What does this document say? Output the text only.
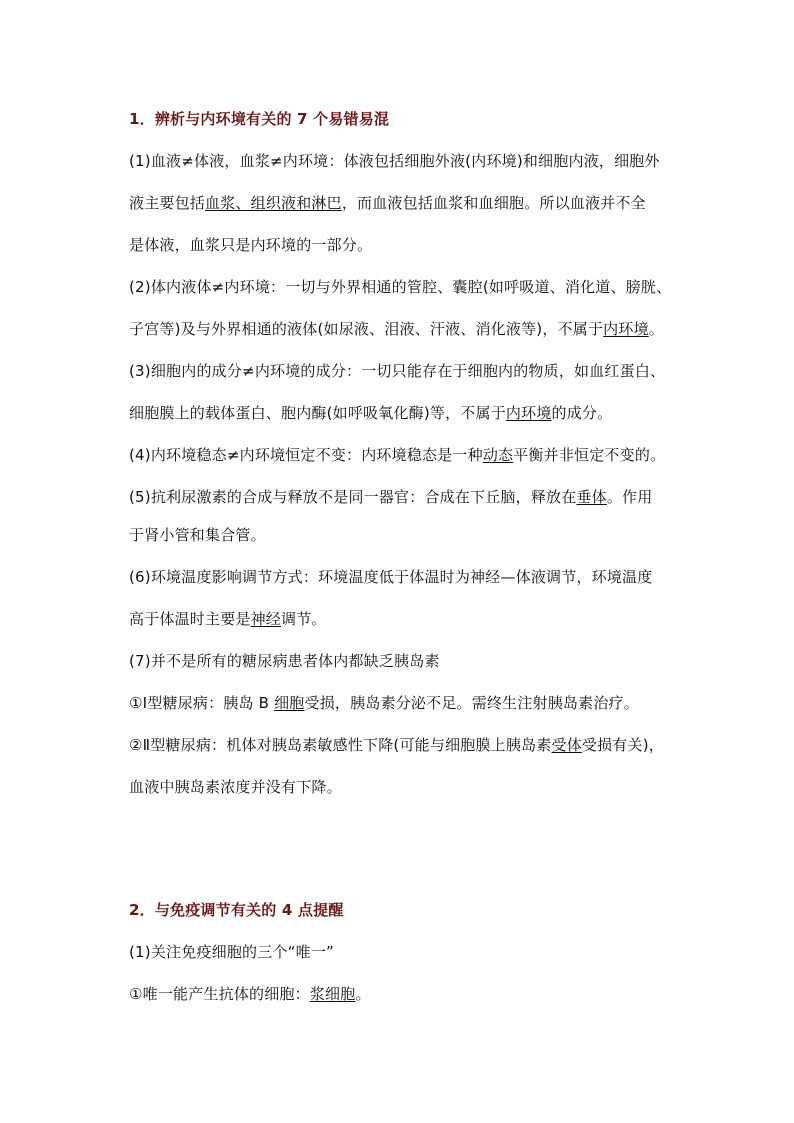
1．辨析与内环境有关的 7 个易错易混
(1)血液≠体液，血浆≠内环境：体液包括细胞外液(内环境)和细胞内液，细胞外
液主要包括血浆、组织液和淋巴，而血液包括血浆和血细胞。所以血液并不全
是体液，血浆只是内环境的一部分。
(2)体内液体≠内环境：一切与外界相通的管腔、囊腔(如呼吸道、消化道、膀胱、
子宫等)及与外界相通的液体(如尿液、泪液、汗液、消化液等)，不属于内环境。
(3)细胞内的成分≠内环境的成分：一切只能存在于细胞内的物质，如血红蛋白、
细胞膜上的载体蛋白、胞内酶(如呼吸氧化酶)等，不属于内环境的成分。
(4)内环境稳态≠内环境恒定不变：内环境稳态是一种动态平衡并非恒定不变的。
(5)抗利尿激素的合成与释放不是同一器官：合成在下丘脑，释放在垂体。作用
于肾小管和集合管。
(6)环境温度影响调节方式：环境温度低于体温时为神经—体液调节，环境温度
高于体温时主要是神经调节。
(7)并不是所有的糖尿病患者体内都缺乏胰岛素
①Ⅰ型糖尿病：胰岛 B 细胞受损，胰岛素分泌不足。需终生注射胰岛素治疗。
②Ⅱ型糖尿病：机体对胰岛素敏感性下降(可能与细胞膜上胰岛素受体受损有关)，
血液中胰岛素浓度并没有下降。
2．与免疫调节有关的 4 点提醒
(1)关注免疫细胞的三个“唯一”
①唯一能产生抗体的细胞：浆细胞。
